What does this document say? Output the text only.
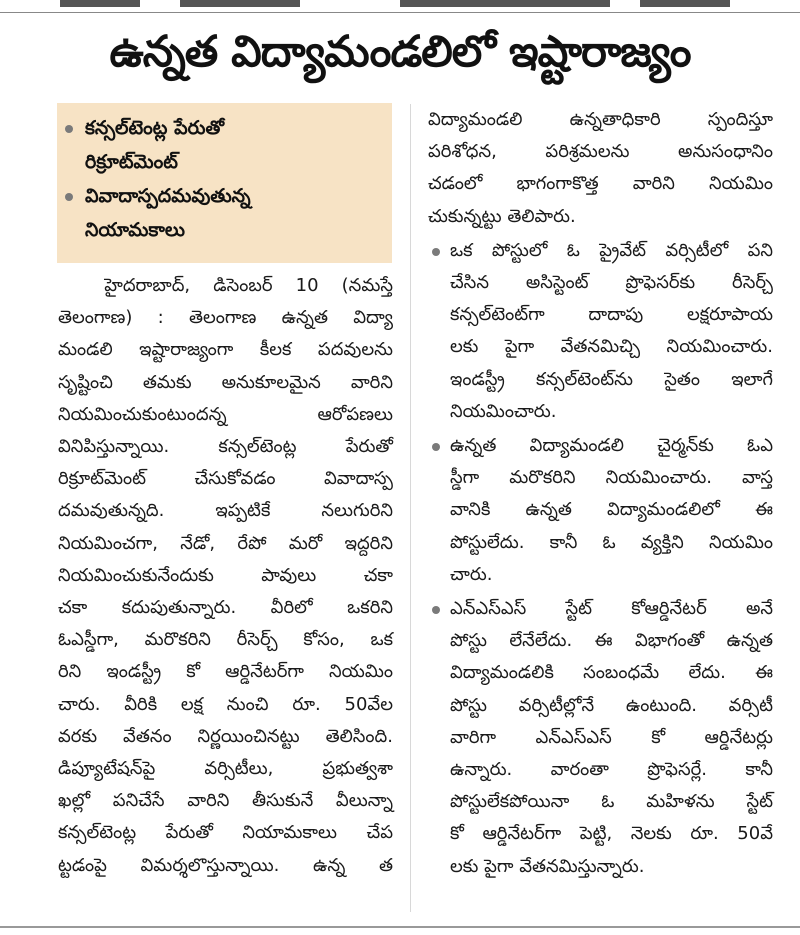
ఉన్నత విద్యామండలిలో ఇష్టారాజ్యం
కన్సల్‌టెంట్ల పేరుతో
రిక్రూట్‌మెంట్
వివాదాస్పదమవుతున్న
నియామకాలు
హైదరాబాద్, డిసెంబర్ 10 (నమస్తే
తెలంగాణ) : తెలంగాణ ఉన్నత విద్యా
మండలి ఇష్టారాజ్యంగా కీలక పదవులను
సృష్టించి తమకు అనుకూలమైన వారిని
నియమించుకుంటుందన్న ఆరోపణలు
వినిపిస్తున్నాయి. కన్సల్‌టెంట్ల పేరుతో
రిక్రూట్‌మెంట్ చేసుకోవడం వివాదాస్ప
దమవుతున్నది. ఇప్పటికే నలుగురిని
నియమించగా, నేడో, రేపో మరో ఇద్దరిని
నియమించుకునేందుకు పావులు చకా
చకా కదుపుతున్నారు. వీరిలో ఒకరిని
ఓఎస్డీగా, మరొకరిని రీసెర్చ్ కోసం, ఒక
రిని ఇండస్ట్రీ కో ఆర్డినేటర్‌గా నియమిం
చారు. వీరికి లక్ష నుంచి రూ. 50వేల
వరకు వేతనం నిర్ణయించినట్టు తెలిసింది.
డిప్యూటేషన్‌పై వర్సిటీలు, ప్రభుత్వశా
ఖల్లో పనిచేసే వారిని తీసుకునే వీలున్నా
కన్సల్‌టెంట్ల పేరుతో నియామకాలు చేప
ట్టడంపై విమర్శలొస్తున్నాయి. ఉన్న త
విద్యామండలి ఉన్నతాధికారి స్పందిస్తూ
పరిశోధన, పరిశ్రమలను అనుసంధానిం
చడంలో భాగంగాకొత్త వారిని నియమిం
చుకున్నట్టు తెలిపారు.
ఒక పోస్టులో ఓ ప్రైవేట్ వర్సిటీలో పని
చేసిన అసిస్టెంట్ ప్రొఫెసర్‌కు రీసెర్చ్
కన్సల్‌టెంట్‌గా దాదాపు లక్షరూపాయ
లకు పైగా వేతనమిచ్చి నియమించారు.
ఇండస్ట్రీ కన్సల్‌టెంట్‌ను సైతం ఇలాగే
నియమించారు.
ఉన్నత విద్యామండలి చైర్మన్‌కు ఓఎ
స్డీగా మరొకరిని నియమించారు. వాస్త
వానికి ఉన్నత విద్యామండలిలో ఈ
పోస్టులేదు. కానీ ఓ వ్యక్తిని నియమిం
చారు.
ఎన్ఎస్ఎస్ స్టేట్ కోఆర్డినేటర్ అనే
పోస్టు లేనేలేదు. ఈ విభాగంతో ఉన్నత
విద్యామండలికి సంబంధమే లేదు. ఈ
పోస్టు వర్సిటీల్లోనే ఉంటుంది. వర్సిటీ
వారిగా ఎన్ఎస్ఎస్ కో ఆర్డినేటర్లు
ఉన్నారు. వారంతా ప్రొఫెసర్లే. కానీ
పోస్టులేకపోయినా ఓ మహిళను స్టేట్
కో ఆర్డినేటర్‌గా పెట్టి, నెలకు రూ. 50వే
లకు పైగా వేతనమిస్తున్నారు.
